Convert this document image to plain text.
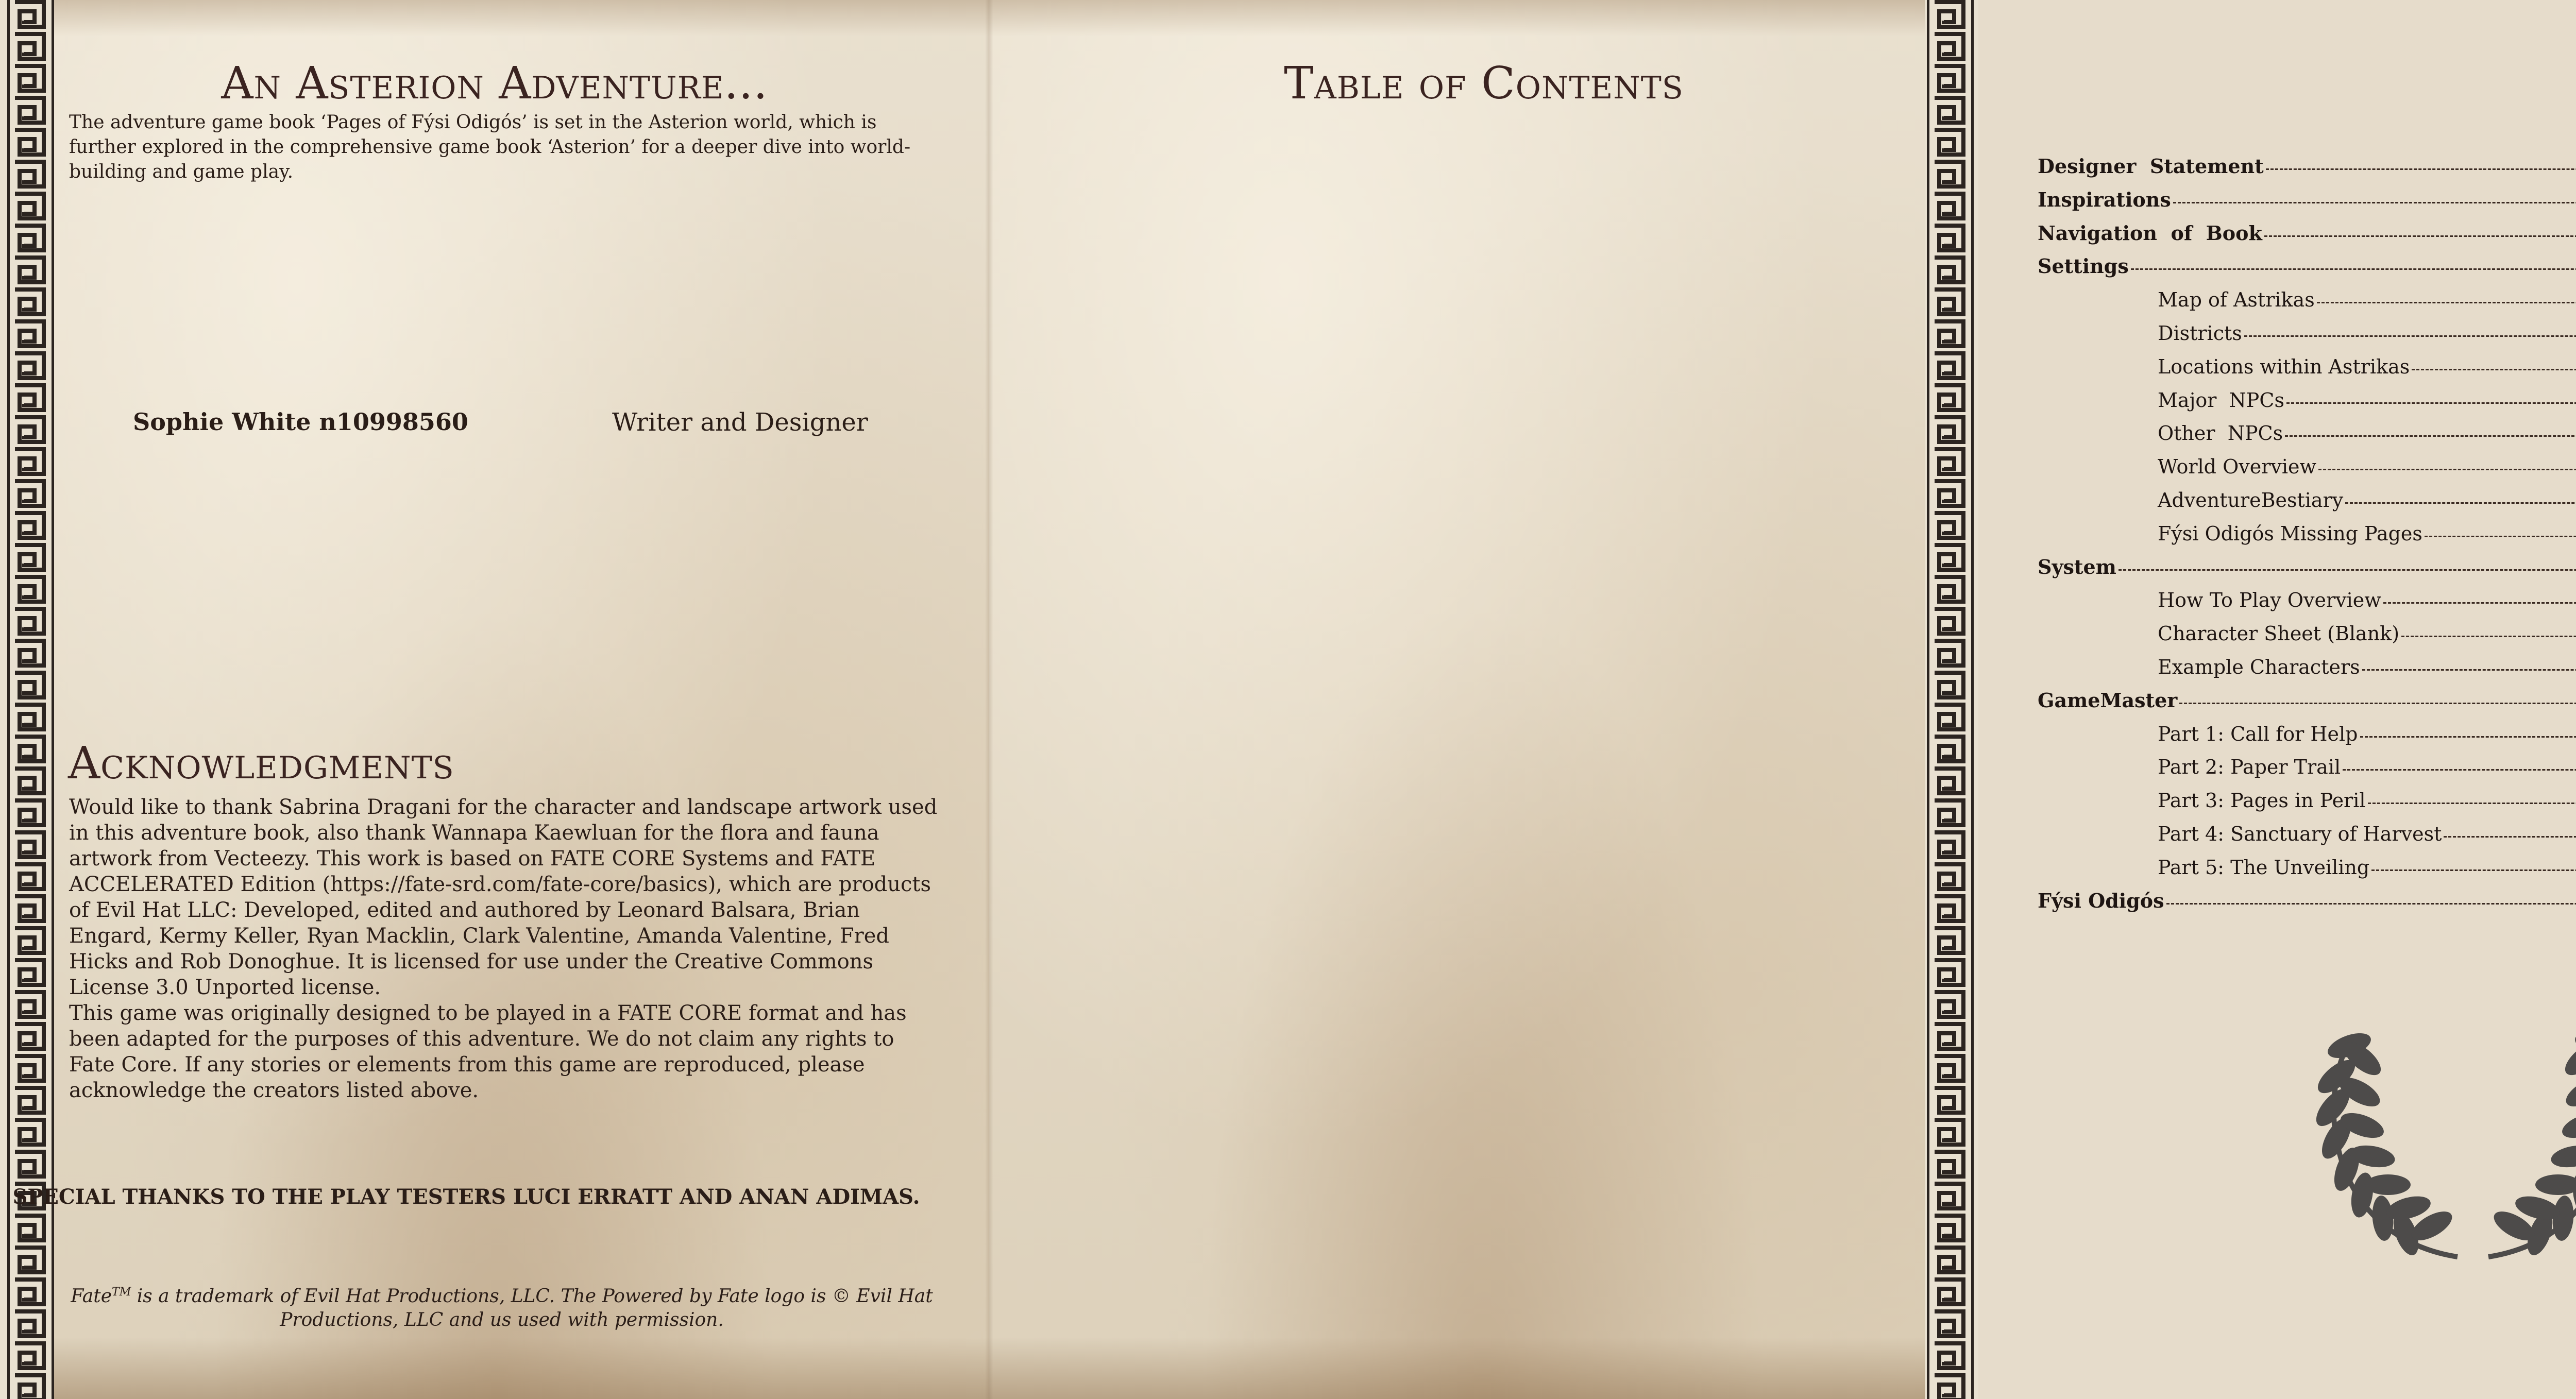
An Asterion Adventure...

The adventure game book ‘Pages of Fýsi Odigós’ is set in the Asterion world, which is further explored in the comprehensive game book ‘Asterion’ for a deeper dive into world-building and game play.

Sophie White n10998560	Writer and Designer
Acknowledgments

Would like to thank Sabrina Dragani for the character and landscape artwork used in this adventure book, also thank Wannapa Kaewluan for the flora and fauna artwork from Vecteezy. This work is based on FATE CORE Systems and FATE ACCELERATED Edition (https://fate-srd.com/fate-core/basics), which are products of Evil Hat LLC: Developed, edited and authored by Leonard Balsara, Brian Engard, Kermy Keller, Ryan Macklin, Clark Valentine, Amanda Valentine, Fred Hicks and Rob Donoghue. It is licensed for use under the Creative Commons License 3.0 Unported license.

This game was originally designed to be played in a FATE CORE format and has been adapted for the purposes of this adventure. We do not claim any rights to Fate Core. If any stories or elements from this game are reproduced, please acknowledge the creators listed above.

SPECIAL THANKS TO THE PLAY TESTERS LUCI ERRATT AND ANAN ADIMAS.
Fate™ is a trademark of Evil Hat Productions, LLC. The Powered by Fate logo is © Evil Hat
Productions, LLC and us used with permission.
Table of Contents
Designer  Statement
Inspirations
Navigation  of  Book
Settings
Map of Astrikas
Districts
Locations within Astrikas
Major  NPCs
Other  NPCs
World Overview
AdventureBestiary
Fýsi Odigós Missing Pages
System
How To Play Overview
Character Sheet (Blank)
Example Characters
GameMaster
Part 1: Call for Help
Part 2: Paper Trail
Part 3: Pages in Peril
Part 4: Sanctuary of Harvest
Part 5: The Unveiling
Fýsi Odigós
